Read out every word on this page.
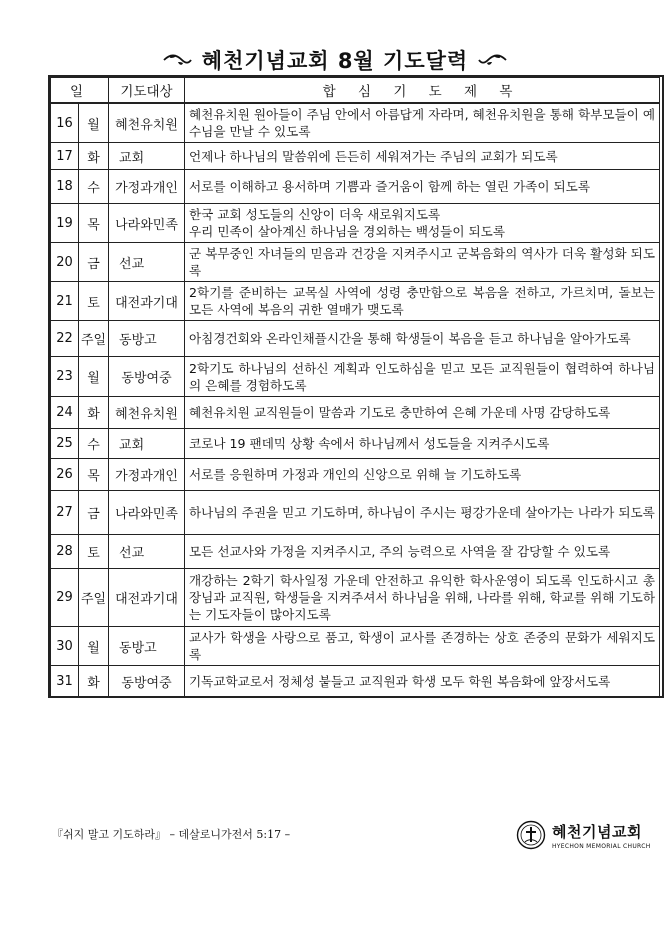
혜천기념교회 8월 기도달력
일		기도대상	합 심 기 도 제 목
16	월	혜천유치원	혜천유치원 원아들이 주님 안에서 아름답게 자라며, 혜천유치원을 통해 학부모들이 예수님을 만날 수 있도록
17	화	교회	언제나 하나님의 말씀위에 든든히 세워져가는 주님의 교회가 되도록
18	수	가정과개인	서로를 이해하고 용서하며 기쁨과 즐거움이 함께 하는 열린 가족이 되도록
19	목	나라와민족	한국 교회 성도들의 신앙이 더욱 새로워지도록
우리 민족이 살아계신 하나님을 경외하는 백성들이 되도록
20	금	선교	군 복무중인 자녀들의 믿음과 건강을 지켜주시고 군복음화의 역사가 더욱 활성화 되도록
21	토	대전과기대	2학기를 준비하는 교목실 사역에 성령 충만함으로 복음을 전하고, 가르치며, 돌보는 모든 사역에 복음의 귀한 열매가 맺도록
22	주일	동방고	아침경건회와 온라인채플시간을 통해 학생들이 복음을 듣고 하나님을 알아가도록
23	월	동방여중	2학기도 하나님의 선하신 계획과 인도하심을 믿고 모든 교직원들이 협력하여 하나님의 은혜를 경험하도록
24	화	혜천유치원	혜천유치원 교직원들이 말씀과 기도로 충만하여 은혜 가운데 사명 감당하도록
25	수	교회	코로나 19 팬데믹 상황 속에서 하나님께서 성도들을 지켜주시도록
26	목	가정과개인	서로를 응원하며 가정과 개인의 신앙으로 위해 늘 기도하도록
27	금	나라와민족	하나님의 주권을 믿고 기도하며, 하나님이 주시는 평강가운데 살아가는 나라가 되도록
28	토	선교	모든 선교사와 가정을 지켜주시고, 주의 능력으로 사역을 잘 감당할 수 있도록
29	주일	대전과기대	개강하는 2학기 학사일정 가운데 안전하고 유익한 학사운영이 되도록 인도하시고 총장님과 교직원, 학생들을 지켜주셔서 하나님을 위해, 나라를 위해, 학교를 위해 기도하는 기도자들이 많아지도록
30	월	동방고	교사가 학생을 사랑으로 품고, 학생이 교사를 존경하는 상호 존중의 문화가 세워지도록
31	화	동방여중	기독교학교로서 정체성 붙들고 교직원과 학생 모두 학원 복음화에 앞장서도록
『쉬지 말고 기도하라』 – 데살로니가전서 5:17 –	혜천기념교회
HYECHON MEMORIAL CHURCH
